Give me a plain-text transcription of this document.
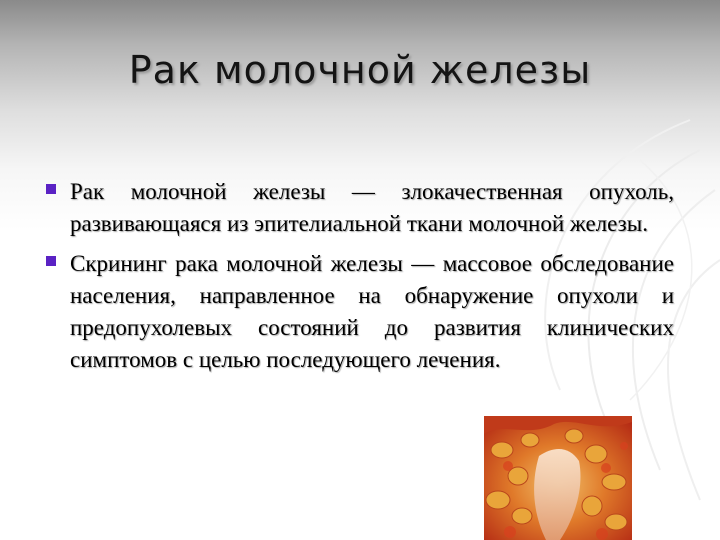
Рак молочной железы
Рак молочной железы — злокачественная опухоль, развивающаяся из эпителиальной ткани молочной железы.
Скрининг рака молочной железы — массовое обследование населения, направленное на обнаружение опухоли и предопухолевых состояний до развития клинических симптомов с целью последующего лечения.
